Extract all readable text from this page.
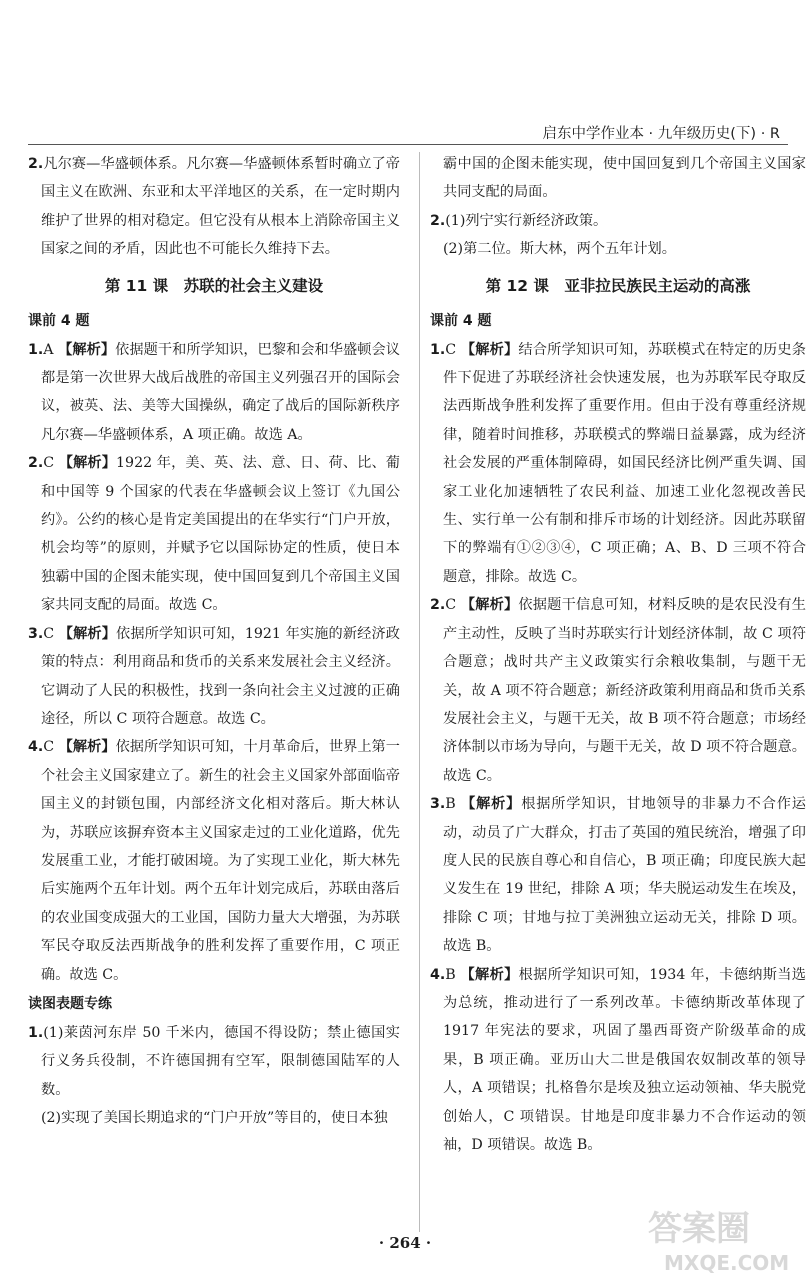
启东中学作业本 · 九年级历史(下) · R

2.凡尔赛—华盛顿体系。凡尔赛—华盛顿体系暂时确立了帝国主义在欧洲、东亚和太平洋地区的关系，在一定时期内维护了世界的相对稳定。但它没有从根本上消除帝国主义国家之间的矛盾，因此也不可能长久维持下去。

第 11 课　苏联的社会主义建设
课前 4 题

1.A 【解析】依据题干和所学知识，巴黎和会和华盛顿会议都是第一次世界大战后战胜的帝国主义列强召开的国际会议，被英、法、美等大国操纵，确定了战后的国际新秩序凡尔赛—华盛顿体系，A 项正确。故选 A。

2.C 【解析】1922 年，美、英、法、意、日、荷、比、葡和中国等 9 个国家的代表在华盛顿会议上签订《九国公约》。公约的核心是肯定美国提出的在华实行“门户开放，机会均等”的原则，并赋予它以国际协定的性质，使日本独霸中国的企图未能实现，使中国回复到几个帝国主义国家共同支配的局面。故选 C。

3.C 【解析】依据所学知识可知，1921 年实施的新经济政策的特点：利用商品和货币的关系来发展社会主义经济。它调动了人民的积极性，找到一条向社会主义过渡的正确途径，所以 C 项符合题意。故选 C。

4.C 【解析】依据所学知识可知，十月革命后，世界上第一个社会主义国家建立了。新生的社会主义国家外部面临帝国主义的封锁包围，内部经济文化相对落后。斯大林认为，苏联应该摒弃资本主义国家走过的工业化道路，优先发展重工业，才能打破困境。为了实现工业化，斯大林先后实施两个五年计划。两个五年计划完成后，苏联由落后的农业国变成强大的工业国，国防力量大大增强，为苏联军民夺取反法西斯战争的胜利发挥了重要作用，C 项正确。故选 C。

读图表题专练

1.(1)莱茵河东岸 50 千米内，德国不得设防；禁止德国实行义务兵役制，不许德国拥有空军，限制德国陆军的人数。

(2)实现了美国长期追求的“门户开放”等目的，使日本独

霸中国的企图未能实现，使中国回复到几个帝国主义国家共同支配的局面。

2.(1)列宁实行新经济政策。

(2)第二位。斯大林，两个五年计划。

第 12 课　亚非拉民族民主运动的高涨
课前 4 题

1.C 【解析】结合所学知识可知，苏联模式在特定的历史条件下促进了苏联经济社会快速发展，也为苏联军民夺取反法西斯战争胜利发挥了重要作用。但由于没有尊重经济规律，随着时间推移，苏联模式的弊端日益暴露，成为经济社会发展的严重体制障碍，如国民经济比例严重失调、国家工业化加速牺牲了农民利益、加速工业化忽视改善民生、实行单一公有制和排斥市场的计划经济。因此苏联留下的弊端有①②③④，C 项正确；A、B、D 三项不符合题意，排除。故选 C。

2.C 【解析】依据题干信息可知，材料反映的是农民没有生产主动性，反映了当时苏联实行计划经济体制，故 C 项符合题意；战时共产主义政策实行余粮收集制，与题干无关，故 A 项不符合题意；新经济政策利用商品和货币关系发展社会主义，与题干无关，故 B 项不符合题意；市场经济体制以市场为导向，与题干无关，故 D 项不符合题意。故选 C。

3.B 【解析】根据所学知识，甘地领导的非暴力不合作运动，动员了广大群众，打击了英国的殖民统治，增强了印度人民的民族自尊心和自信心，B 项正确；印度民族大起义发生在 19 世纪，排除 A 项；华夫脱运动发生在埃及，排除 C 项；甘地与拉丁美洲独立运动无关，排除 D 项。故选 B。

4.B 【解析】根据所学知识可知，1934 年，卡德纳斯当选为总统，推动进行了一系列改革。卡德纳斯改革体现了 1917 年宪法的要求，巩固了墨西哥资产阶级革命的成果，B 项正确。亚历山大二世是俄国农奴制改革的领导人，A 项错误；扎格鲁尔是埃及独立运动领袖、华夫脱党创始人，C 项错误。甘地是印度非暴力不合作运动的领袖，D 项错误。故选 B。

· 264 ·	答案圈
MXQE.COM
